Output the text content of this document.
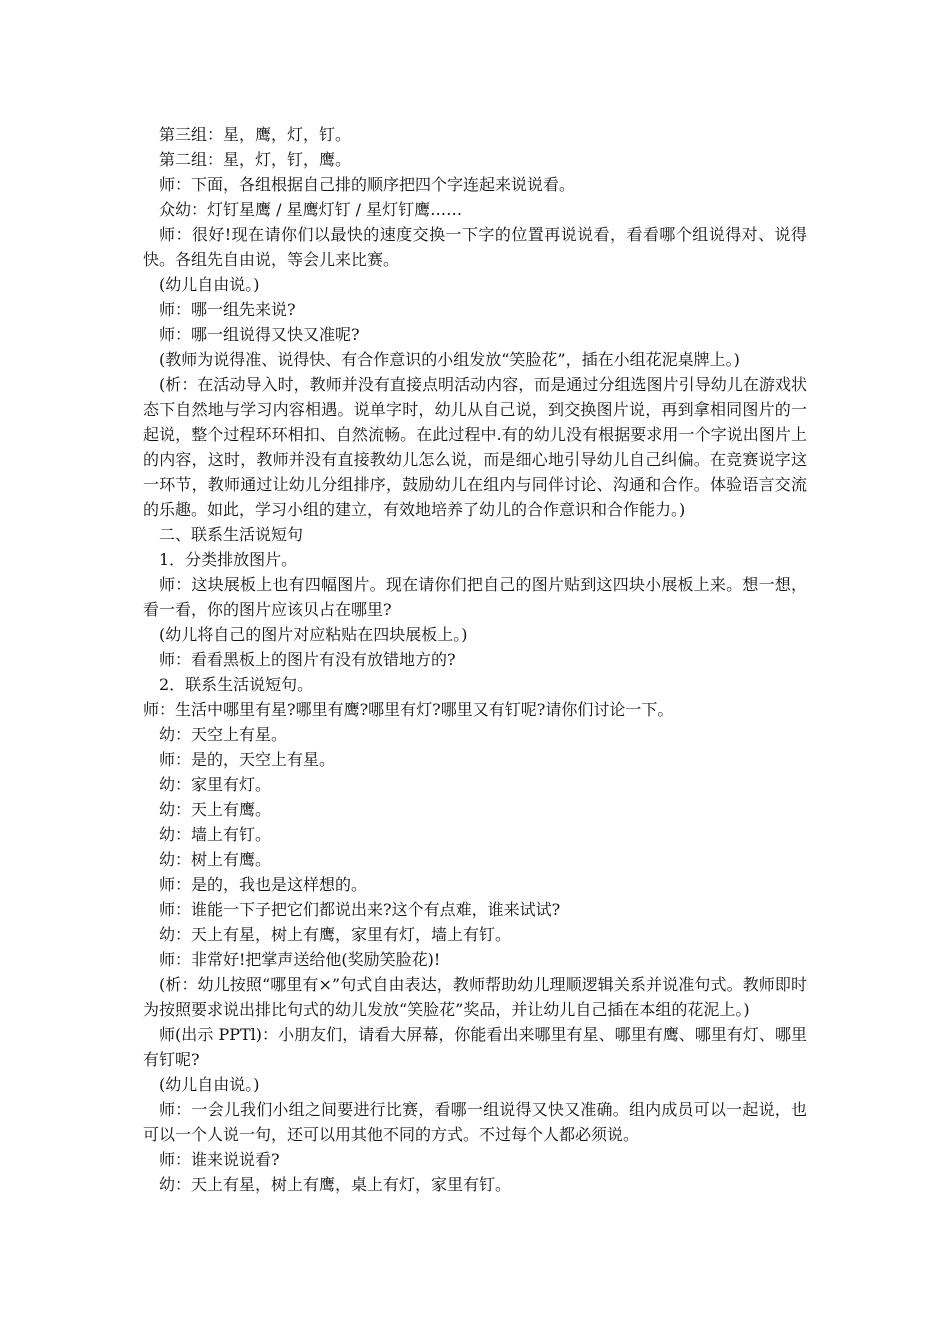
第三组：星，鹰，灯，钉。

第二组：星，灯，钉，鹰。

师：下面，各组根据自己排的顺序把四个字连起来说说看。

众幼：灯钉星鹰 / 星鹰灯钉 / 星灯钉鹰……

师：很好!现在请你们以最快的速度交换一下字的位置再说说看，看看哪个组说得对、说得快。各组先自由说，等会儿来比赛。

(幼儿自由说。)

师：哪一组先来说?

师：哪一组说得又快又准呢?

(教师为说得准、说得快、有合作意识的小组发放“笑脸花”，插在小组花泥桌牌上。)

(析：在活动导入时，教师并没有直接点明活动内容，而是通过分组选图片引导幼儿在游戏状态下自然地与学习内容相遇。说单字时，幼儿从自己说，到交换图片说，再到拿相同图片的一起说，整个过程环环相扣、自然流畅。在此过程中.有的幼儿没有根据要求用一个字说出图片上的内容，这时，教师并没有直接教幼儿怎么说，而是细心地引导幼儿自己纠偏。在竞赛说字这一环节，教师通过让幼儿分组排序，鼓励幼儿在组内与同伴讨论、沟通和合作。体验语言交流的乐趣。如此，学习小组的建立，有效地培养了幼儿的合作意识和合作能力。)

二、联系生活说短句

1．分类排放图片。

师：这块展板上也有四幅图片。现在请你们把自己的图片贴到这四块小展板上来。想一想，看一看，你的图片应该贝占在哪里?

(幼儿将自己的图片对应粘贴在四块展板上。)

师：看看黑板上的图片有没有放错地方的?

2．联系生活说短句。

师：生活中哪里有星?哪里有鹰?哪里有灯?哪里又有钉呢?请你们讨论一下。

幼：天空上有星。

师：是的，天空上有星。

幼：家里有灯。

幼：天上有鹰。

幼：墙上有钉。

幼：树上有鹰。

师：是的，我也是这样想的。

师：谁能一下子把它们都说出来?这个有点难，谁来试试?

幼：天上有星，树上有鹰，家里有灯，墙上有钉。

师：非常好!把掌声送给他(奖励笑脸花)!

(析：幼儿按照“哪里有×”句式自由表达，教师帮助幼儿理顺逻辑关系并说准句式。教师即时为按照要求说出排比句式的幼儿发放“笑脸花”奖品，并让幼儿自己插在本组的花泥上。)

师(出示 PPTl)：小朋友们，请看大屏幕，你能看出来哪里有星、哪里有鹰、哪里有灯、哪里有钉呢?

(幼儿自由说。)

师：一会儿我们小组之间要进行比赛，看哪一组说得又快又准确。组内成员可以一起说，也可以一个人说一句，还可以用其他不同的方式。不过每个人都必须说。

师：谁来说说看?

幼：天上有星，树上有鹰，桌上有灯，家里有钉。
